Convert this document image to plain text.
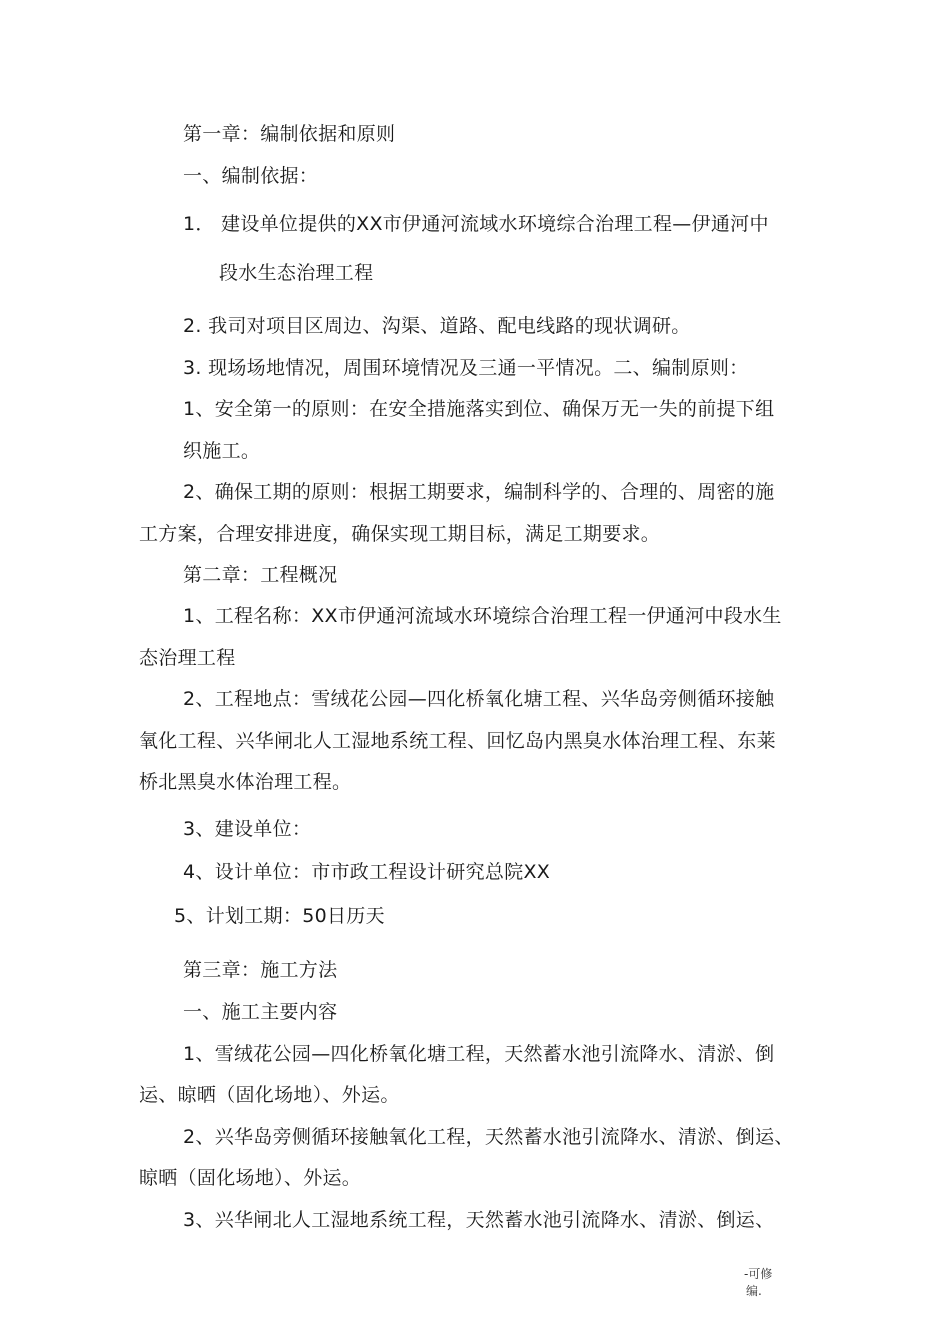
第一章：编制依据和原则
一、编制依据：
1． 建设单位提供的XX市伊通河流域水环境综合治理工程—伊通河中
段水生态治理工程
2. 我司对项目区周边、沟渠、道路、配电线路的现状调研。
3. 现场场地情况，周围环境情况及三通一平情况。二、编制原则：
1、安全第一的原则：在安全措施落实到位、确保万无一失的前提下组
织施工。
2、确保工期的原则：根据工期要求，编制科学的、合理的、周密的施
工方案，合理安排进度，确保实现工期目标，满足工期要求。
第二章：工程概况
1、工程名称：XX市伊通河流域水环境综合治理工程一伊通河中段水生
态治理工程
2、工程地点：雪绒花公园—四化桥氧化塘工程、兴华岛旁侧循环接触
氧化工程、兴华闸北人工湿地系统工程、回忆岛内黑臭水体治理工程、东莱
桥北黑臭水体治理工程。
3、建设单位：
4、设计单位：市市政工程设计研究总院XX
5、计划工期：50日历天
第三章：施工方法
一、施工主要内容
1、雪绒花公园—四化桥氧化塘工程，天然蓄水池引流降水、清淤、倒
运、晾晒（固化场地）、外运。
2、兴华岛旁侧循环接触氧化工程，天然蓄水池引流降水、清淤、倒运、
晾晒（固化场地）、外运。
3、兴华闸北人工湿地系统工程，天然蓄水池引流降水、清淤、倒运、
-可修
编.
